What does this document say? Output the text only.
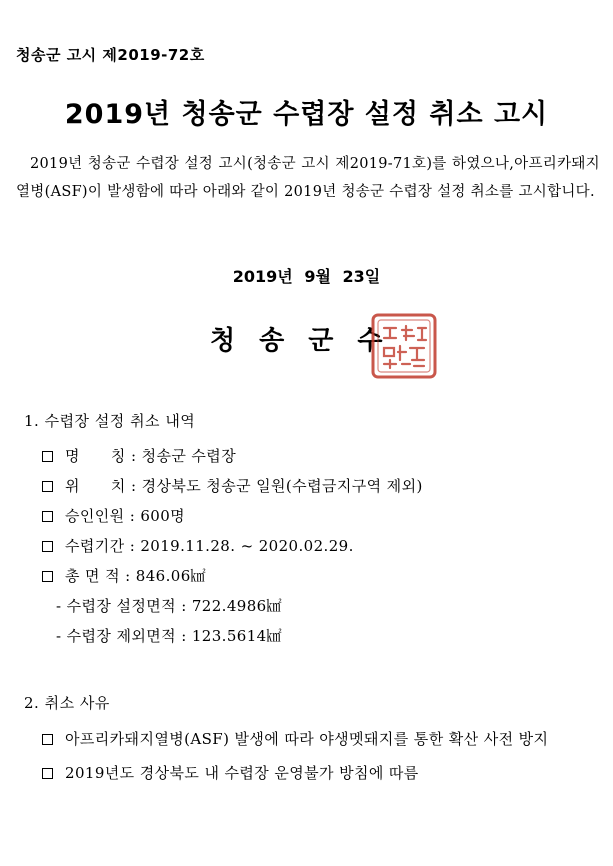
청송군 고시 제2019-72호
2019년 청송군 수렵장 설정 취소 고시
2019년 청송군 수렵장 설정 고시(청송군 고시 제2019-71호)를 하였으나,아프리카돼지열병(ASF)이 발생함에 따라 아래와 같이 2019년 청송군 수렵장 설정 취소를 고시합니다.
2019년 9월 23일
청송군수
1. 수렵장 설정 취소 내역
명      칭 : 청송군 수렵장
위      치 : 경상북도 청송군 일원(수렵금지구역 제외)
승인인원 : 600명
수렵기간 : 2019.11.28. ~ 2020.02.29.
총 면 적 : 846.06㎢
- 수렵장 설정면적 : 722.4986㎢
- 수렵장 제외면적 : 123.5614㎢
2. 취소 사유
아프리카돼지열병(ASF) 발생에 따라 야생멧돼지를 통한 확산 사전 방지
2019년도 경상북도 내 수렵장 운영불가 방침에 따름
